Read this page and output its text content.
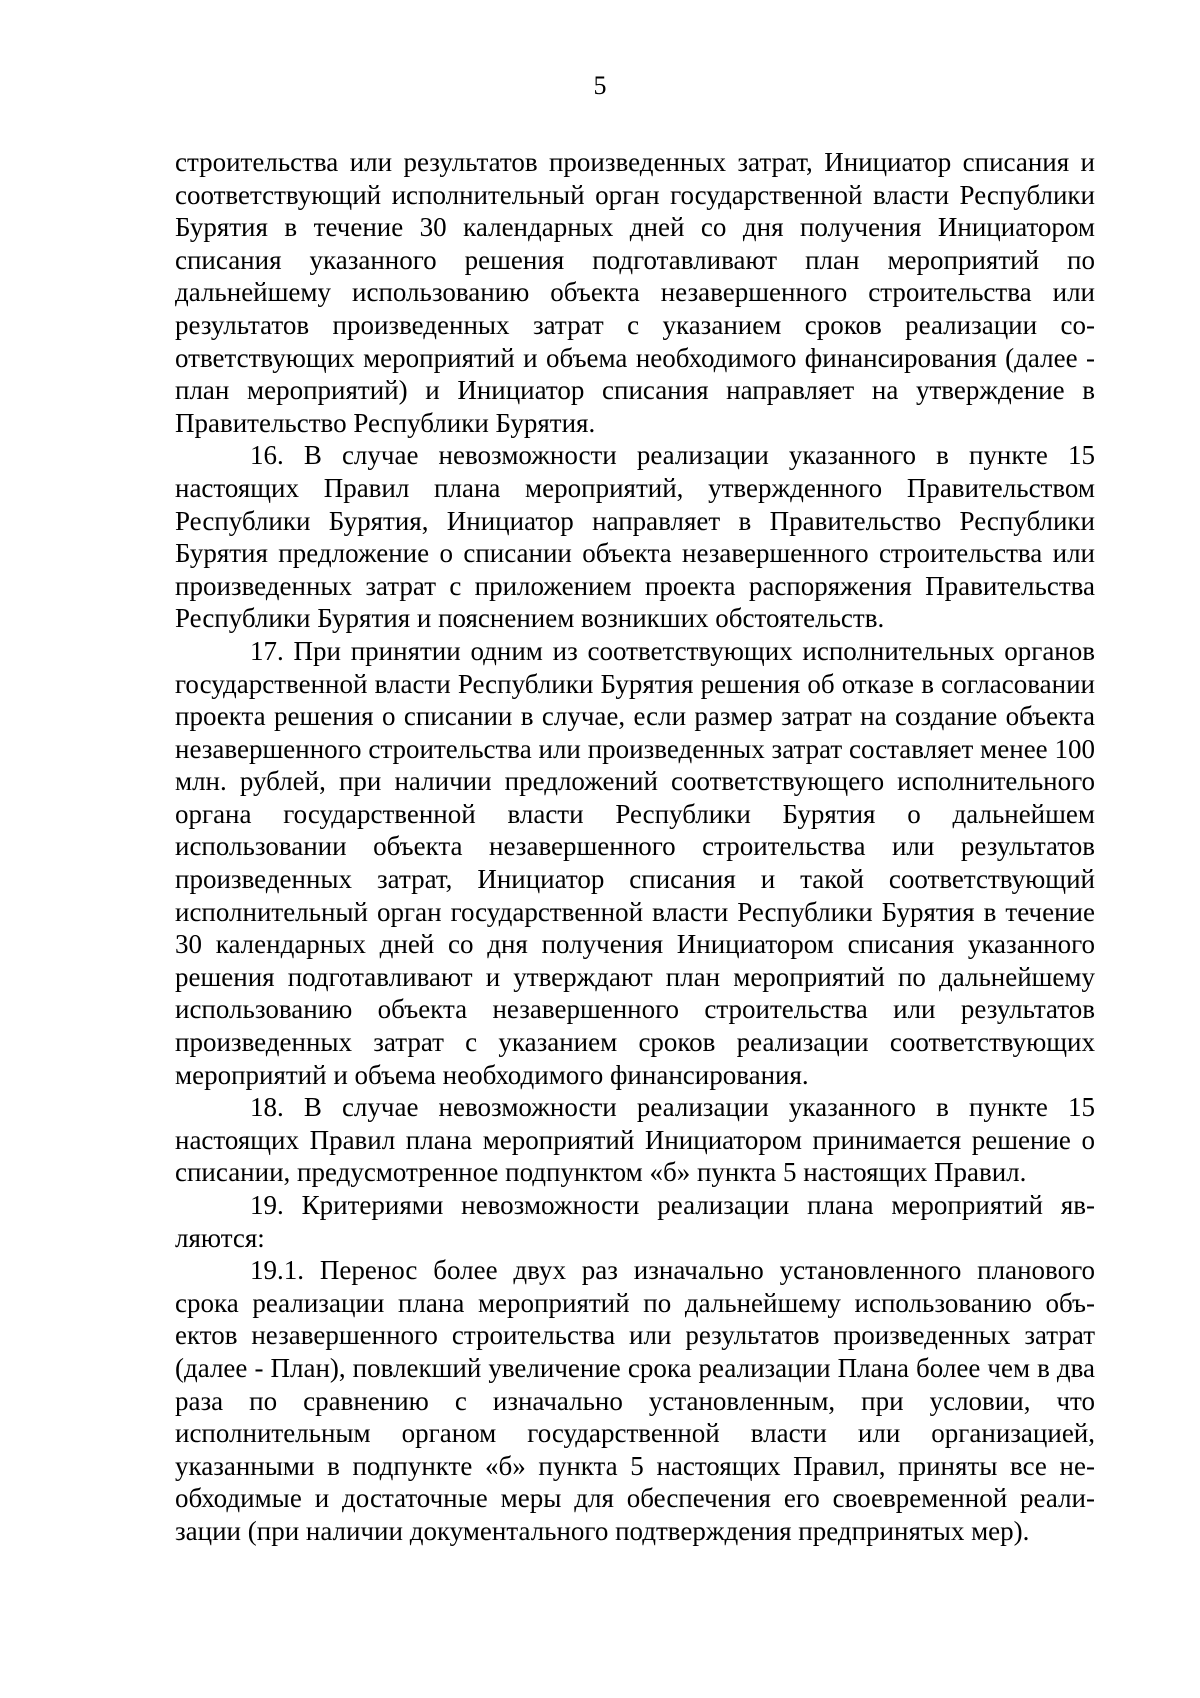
5

строительства или результатов произведенных затрат, Инициатор списания и соответствующий исполнительный орган государственной власти Республики Бурятия в течение 30 календарных дней со дня получения Инициатором списания указанного решения подготавливают план мероприятий по дальнейшему использованию объекта незавершенного строительства или результатов произведенных затрат с указанием сроков реализации соответствующих мероприятий и объема необходимого финансирования (далее - план мероприятий) и Инициатор списания направляет на утверждение в Правительство Республики Бурятия.

16. В случае невозможности реализации указанного в пункте 15 настоящих Правил плана мероприятий, утвержденного Правительством Республики Бурятия, Инициатор направляет в Правительство Республики Бурятия предложение о списании объекта незавершенного строительства или произведенных затрат с приложением проекта распоряжения Правительства Республики Бурятия и пояснением возникших обстоятельств.

17. При принятии одним из соответствующих исполнительных органов государственной власти Республики Бурятия решения об отказе в согласовании проекта решения о списании в случае, если размер затрат на создание объекта незавершенного строительства или произведенных затрат составляет менее 100 млн. рублей, при наличии предложений соответствующего исполнительного органа государственной власти Республики Бурятия о дальнейшем использовании объекта незавершенного строительства или результатов произведенных затрат, Инициатор списания и такой соответствующий исполнительный орган государственной власти Республики Бурятия в течение 30 календарных дней со дня получения Инициатором списания указанного решения подготавливают и утверждают план мероприятий по дальнейшему использованию объекта незавершенного строительства или результатов произведенных затрат с указанием сроков реализации соответствующих мероприятий и объема необходимого финансирования.

18. В случае невозможности реализации указанного в пункте 15 настоящих Правил плана мероприятий Инициатором принимается решение о списании, предусмотренное подпунктом «б» пункта 5 настоящих Правил.

19. Критериями невозможности реализации плана мероприятий являются:

19.1. Перенос более двух раз изначально установленного планового срока реализации плана мероприятий по дальнейшему использованию объектов незавершенного строительства или результатов произведенных затрат (далее - План), повлекший увеличение срока реализации Плана более чем в два раза по сравнению с изначально установленным, при условии, что исполнительным органом государственной власти или организацией, указанными в подпункте «б» пункта 5 настоящих Правил, приняты все необходимые и достаточные меры для обеспечения его своевременной реализации (при наличии документального подтверждения предпринятых мер).
